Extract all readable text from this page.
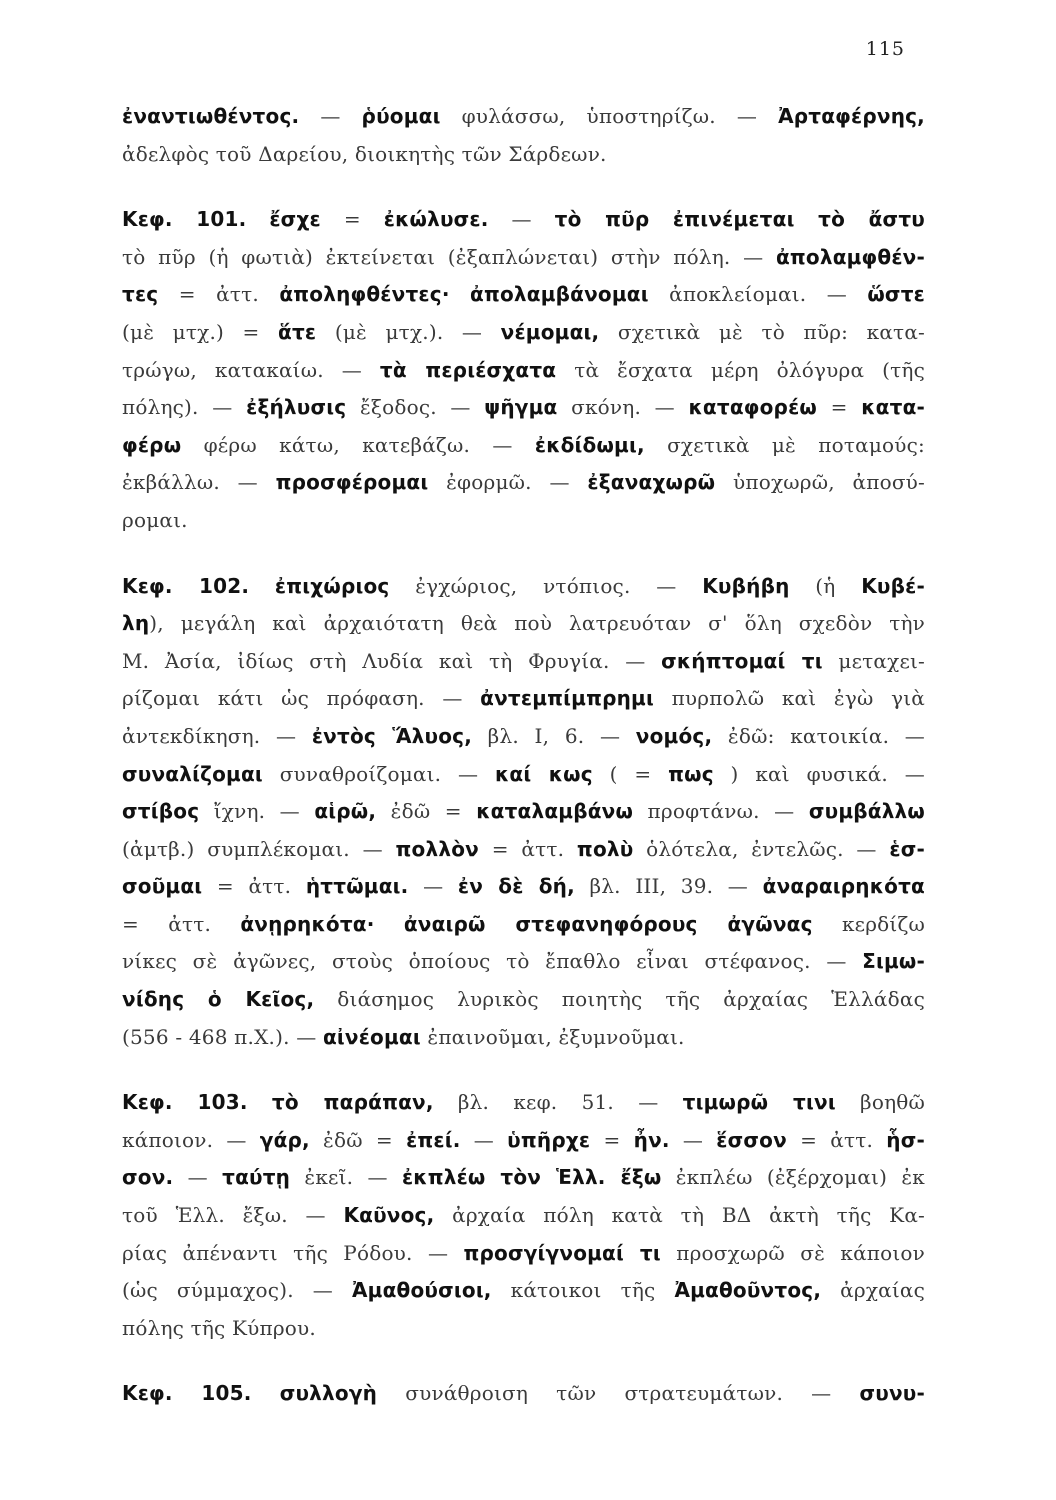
115
ἐναντιωθέντος. — ῥύομαι φυλάσσω, ὑποστηρίζω. — Ἀρταφέρνης,
ἀδελφὸς τοῦ Δαρείου, διοικητὴς τῶν Σάρδεων.
Κεφ. 101. ἔσχε = ἐκώλυσε. — τὸ πῦρ ἐπινέμεται τὸ ἄστυ
τὸ πῦρ (ἡ φωτιὰ) ἐκτείνεται (ἐξαπλώνεται) στὴν πόλη. — ἀπολαμφθέν-
τες = ἀττ. ἀποληφθέντες· ἀπολαμβάνομαι ἀποκλείομαι. — ὥστε
(μὲ μτχ.) = ἅτε (μὲ μτχ.). — νέμομαι, σχετικὰ μὲ τὸ πῦρ: κατα-
τρώγω, κατακαίω. — τὰ περιέσχατα τὰ ἔσχατα μέρη ὀλόγυρα (τῆς
πόλης). — ἐξήλυσις ἔξοδος. — ψῆγμα σκόνη. — καταφορέω = κατα-
φέρω φέρω κάτω, κατεβάζω. — ἐκδίδωμι, σχετικὰ μὲ ποταμούς:
ἐκβάλλω. — προσφέρομαι ἐφορμῶ. — ἐξαναχωρῶ ὑποχωρῶ, ἀποσύ-
ρομαι.
Κεφ. 102. ἐπιχώριος ἐγχώριος, ντόπιος. — Κυβήβη (ἡ Κυβέ-
λη), μεγάλη καὶ ἀρχαιότατη θεὰ ποὺ λατρευόταν σ' ὅλη σχεδὸν τὴν
Μ. Ἀσία, ἰδίως στὴ Λυδία καὶ τὴ Φρυγία. — σκήπτομαί τι μεταχει-
ρίζομαι κάτι ὡς πρόφαση. — ἀντεμπίμπρημι πυρπολῶ καὶ ἐγὼ γιὰ
ἀντεκδίκηση. — ἐντὸς Ἅλυος, βλ. Ι, 6. — νομός, ἐδῶ: κατοικία. —
συναλίζομαι συναθροίζομαι. — καί κως ( = πως ) καὶ φυσικά. —
στίβος ἴχνη. — αἱρῶ, ἐδῶ = καταλαμβάνω προφτάνω. — συμβάλλω
(ἀμτβ.) συμπλέκομαι. — πολλὸν = ἀττ. πολὺ ὁλότελα, ἐντελῶς. — ἑσ-
σοῦμαι = ἀττ. ἡττῶμαι. — ἐν δὲ δή, βλ. ΙΙΙ, 39. — ἀναραιρηκότα
= ἀττ. ἀνῃρηκότα· ἀναιρῶ στεφανηφόρους ἀγῶνας κερδίζω
νίκες σὲ ἀγῶνες, στοὺς ὁποίους τὸ ἔπαθλο εἶναι στέφανος. — Σιμω-
νίδης ὁ Κεῖος, διάσημος λυρικὸς ποιητὴς τῆς ἀρχαίας Ἑλλάδας
(556 - 468 π.Χ.). — αἰνέομαι ἐπαινοῦμαι, ἐξυμνοῦμαι.
Κεφ. 103. τὸ παράπαν, βλ. κεφ. 51. — τιμωρῶ τινι βοηθῶ
κάποιον. — γάρ, ἐδῶ = ἐπεί. — ὑπῆρχε = ἦν. — ἕσσον = ἀττ. ἧσ-
σον. — ταύτῃ ἐκεῖ. — ἐκπλέω τὸν Ἑλλ. ἔξω ἐκπλέω (ἐξέρχομαι) ἐκ
τοῦ Ἑλλ. ἔξω. — Καῦνος, ἀρχαία πόλη κατὰ τὴ ΒΔ ἀκτὴ τῆς Κα-
ρίας ἀπέναντι τῆς Ρόδου. — προσγίγνομαί τι προσχωρῶ σὲ κάποιον
(ὡς σύμμαχος). — Ἀμαθούσιοι, κάτοικοι τῆς Ἀμαθοῦντος, ἀρχαίας
πόλης τῆς Κύπρου.
Κεφ. 105. συλλογὴ συνάθροιση τῶν στρατευμάτων. — συνυ-
